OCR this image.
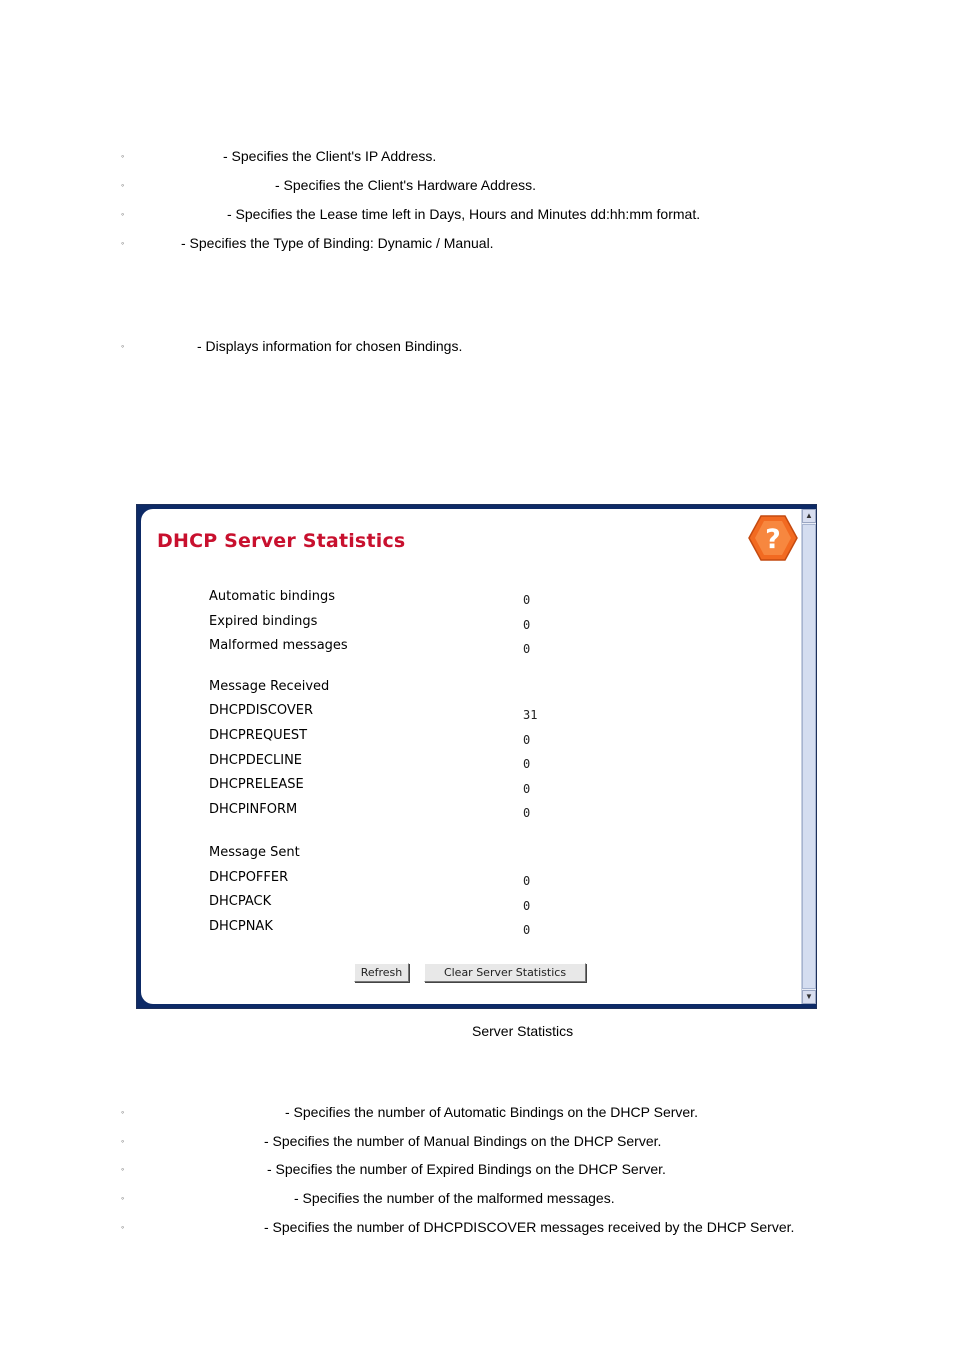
◦	- Specifies the Client's IP Address.
◦	- Specifies the Client's Hardware Address.
◦	- Specifies the Lease time left in Days, Hours and Minutes dd:hh:mm format.
◦	- Specifies the Type of Binding: Dynamic / Manual.
◦	- Displays information for chosen Bindings.
DHCP Server Statistics	?
Automatic bindings	0
Expired bindings	0
Malformed messages	0
Message Received
DHCPDISCOVER	31
DHCPREQUEST	0
DHCPDECLINE	0
DHCPRELEASE	0
DHCPINFORM	0
Message Sent
DHCPOFFER	0
DHCPACK	0
DHCPNAK	0
Refresh	Clear Server Statistics
▲
▼
Server Statistics
◦	- Specifies the number of Automatic Bindings on the DHCP Server.
◦	- Specifies the number of Manual Bindings on the DHCP Server.
◦	- Specifies the number of Expired Bindings on the DHCP Server.
◦	- Specifies the number of the malformed messages.
◦	- Specifies the number of DHCPDISCOVER messages received by the DHCP Server.
